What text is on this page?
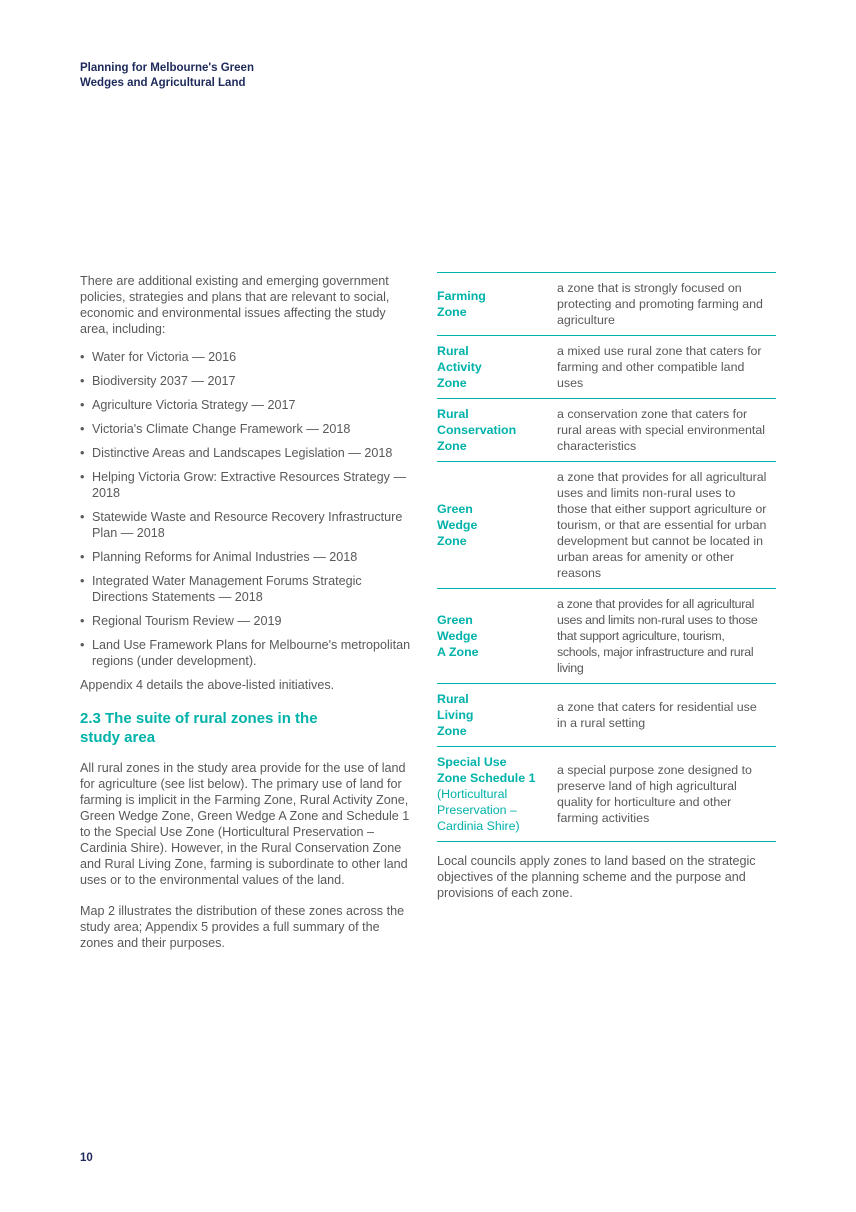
Planning for Melbourne's Green
Wedges and Agricultural Land

There are additional existing and emerging government policies, strategies and plans that are relevant to social, economic and environmental issues affecting the study area, including:

• Water for Victoria — 2016
• Biodiversity 2037 — 2017
• Agriculture Victoria Strategy — 2017
• Victoria's Climate Change Framework — 2018
• Distinctive Areas and Landscapes Legislation — 2018
• Helping Victoria Grow: Extractive Resources Strategy — 2018
• Statewide Waste and Resource Recovery Infrastructure Plan — 2018
• Planning Reforms for Animal Industries — 2018
• Integrated Water Management Forums Strategic Directions Statements — 2018
• Regional Tourism Review — 2019
• Land Use Framework Plans for Melbourne's metropolitan regions (under development).

Appendix 4 details the above-listed initiatives.

2.3 The suite of rural zones in the study area

All rural zones in the study area provide for the use of land for agriculture (see list below). The primary use of land for farming is implicit in the Farming Zone, Rural Activity Zone, Green Wedge Zone, Green Wedge A Zone and Schedule 1 to the Special Use Zone (Horticultural Preservation – Cardinia Shire). However, in the Rural Conservation Zone and Rural Living Zone, farming is subordinate to other land uses or to the environmental values of the land.

Map 2 illustrates the distribution of these zones across the study area; Appendix 5 provides a full summary of the zones and their purposes.

Farming
Zone
a zone that is strongly focused on protecting and promoting farming and agriculture
Rural
Activity
Zone
a mixed use rural zone that caters for farming and other compatible land uses
Rural
Conservation
Zone
a conservation zone that caters for rural areas with special environmental characteristics
Green
Wedge
Zone
a zone that provides for all agricultural uses and limits non-rural uses to those that either support agriculture or tourism, or that are essential for urban development but cannot be located in urban areas for amenity or other reasons
Green
Wedge
A Zone
a zone that provides for all agricultural uses and limits non-rural uses to those that support agriculture, tourism, schools, major infrastructure and rural living
Rural
Living
Zone
a zone that caters for residential use in a rural setting
Special Use
Zone Schedule 1
(Horticultural
Preservation –
Cardinia Shire)
a special purpose zone designed to preserve land of high agricultural quality for horticulture and other farming activities

Local councils apply zones to land based on the strategic objectives of the planning scheme and the purpose and provisions of each zone.

10
